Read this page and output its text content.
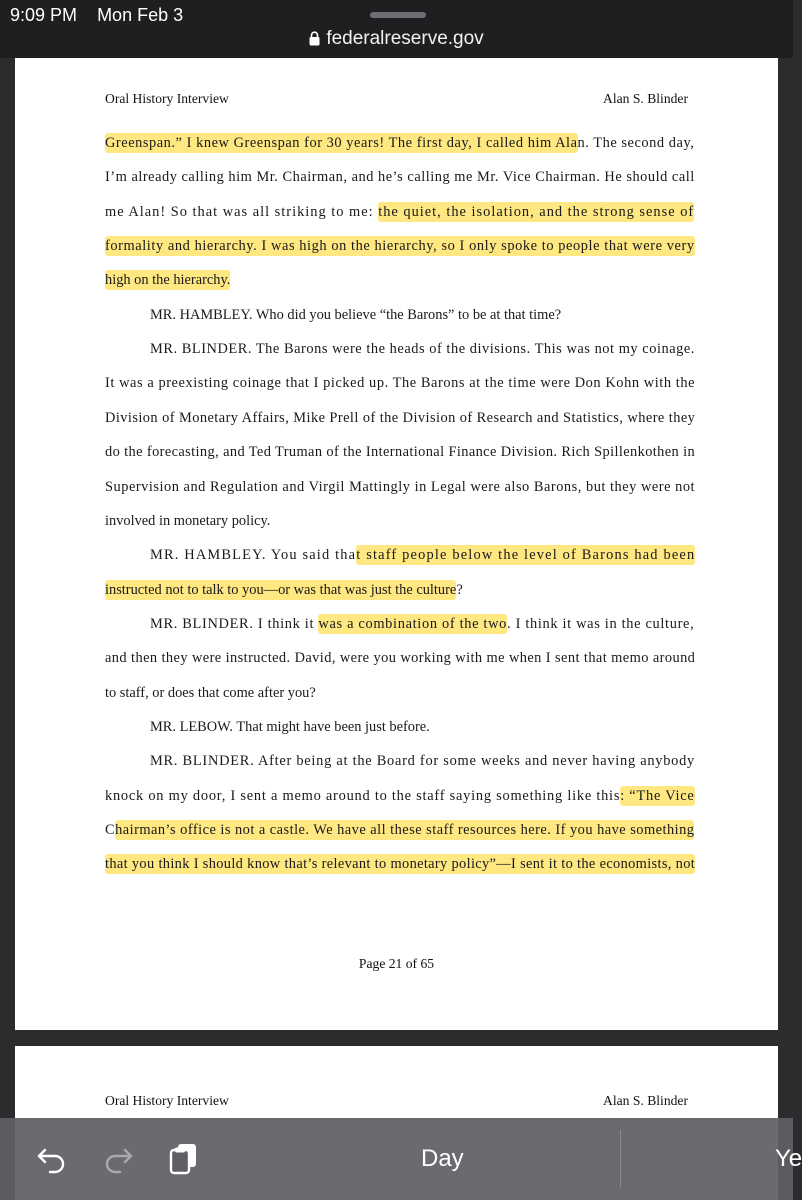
9:09 PM Mon Feb 3
federalreserve.gov
Oral History Interview	Alan S. Blinder
Greenspan.” I knew Greenspan for 30 years! The first day, I called him Alan. The second day,
I’m already calling him Mr. Chairman, and he’s calling me Mr. Vice Chairman. He should call
me Alan! So that was all striking to me: the quiet, the isolation, and the strong sense of
formality and hierarchy. I was high on the hierarchy, so I only spoke to people that were very
high on the hierarchy.
MR. HAMBLEY. Who did you believe “the Barons” to be at that time?
MR. BLINDER. The Barons were the heads of the divisions. This was not my coinage.
It was a preexisting coinage that I picked up. The Barons at the time were Don Kohn with the
Division of Monetary Affairs, Mike Prell of the Division of Research and Statistics, where they
do the forecasting, and Ted Truman of the International Finance Division. Rich Spillenkothen in
Supervision and Regulation and Virgil Mattingly in Legal were also Barons, but they were not
involved in monetary policy.
MR. HAMBLEY. You said that staff people below the level of Barons had been
instructed not to talk to you—or was that was just the culture?
MR. BLINDER. I think it was a combination of the two. I think it was in the culture,
and then they were instructed. David, were you working with me when I sent that memo around
to staff, or does that come after you?
MR. LEBOW. That might have been just before.
MR. BLINDER. After being at the Board for some weeks and never having anybody
knock on my door, I sent a memo around to the staff saying something like this: “The Vice
Chairman’s office is not a castle. We have all these staff resources here. If you have something
that you think I should know that’s relevant to monetary policy”—I sent it to the economists, not
Page 21 of 65
Oral History Interview	Alan S. Blinder
Day	Ye
